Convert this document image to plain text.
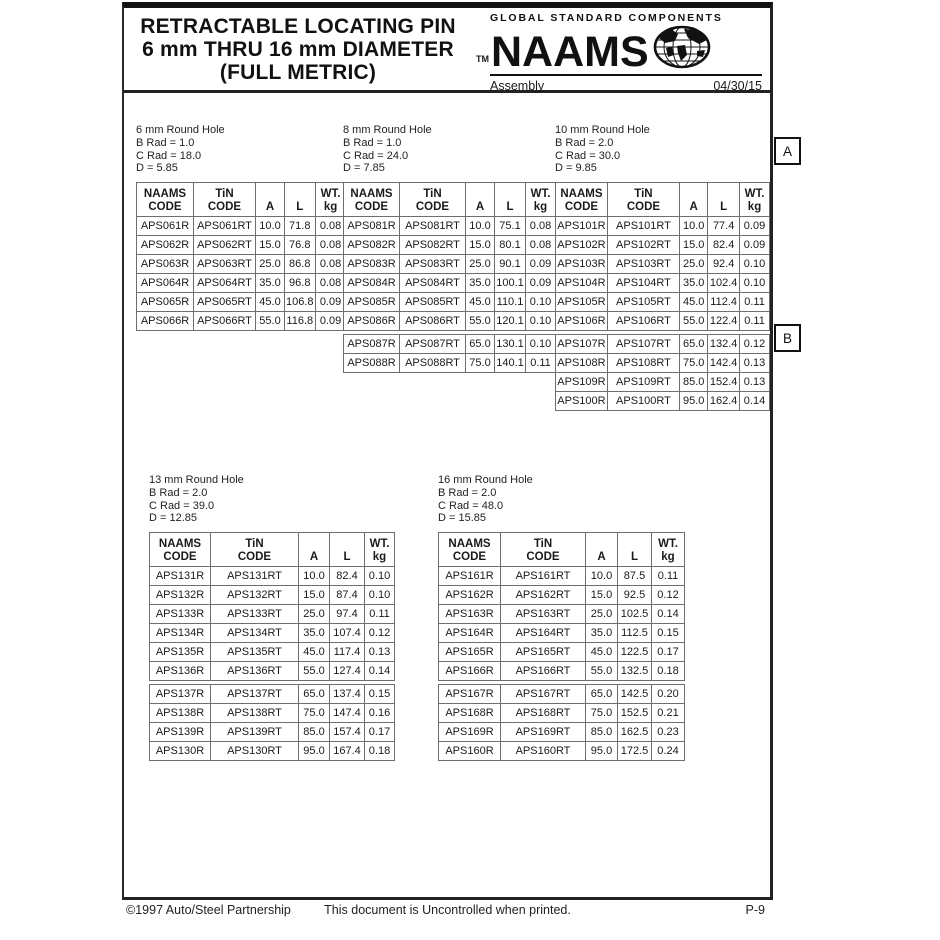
RETRACTABLE LOCATING PIN
6 mm THRU 16 mm DIAMETER
(FULL METRIC)
GLOBAL STANDARD COMPONENTS
TM NAAMS
Assembly	04/30/15
6 mm Round Hole
B Rad = 1.0
C Rad = 18.0
D = 5.85
NAAMS
CODE	TiN
CODE	A	L	WT.
kg
APS061R	APS061RT	10.0	71.8	0.08
APS062R	APS062RT	15.0	76.8	0.08
APS063R	APS063RT	25.0	86.8	0.08
APS064R	APS064RT	35.0	96.8	0.08
APS065R	APS065RT	45.0	106.8	0.09
APS066R	APS066RT	55.0	116.8	0.09
8 mm Round Hole
B Rad = 1.0
C Rad = 24.0
D = 7.85
NAAMS
CODE	TiN
CODE	A	L	WT.
kg
APS081R	APS081RT	10.0	75.1	0.08
APS082R	APS082RT	15.0	80.1	0.08
APS083R	APS083RT	25.0	90.1	0.09
APS084R	APS084RT	35.0	100.1	0.09
APS085R	APS085RT	45.0	110.1	0.10
APS086R	APS086RT	55.0	120.1	0.10
APS087R	APS087RT	65.0	130.1	0.10
APS088R	APS088RT	75.0	140.1	0.11
10 mm Round Hole
B Rad = 2.0
C Rad = 30.0
D = 9.85
NAAMS
CODE	TiN
CODE	A	L	WT.
kg
APS101R	APS101RT	10.0	77.4	0.09
APS102R	APS102RT	15.0	82.4	0.09
APS103R	APS103RT	25.0	92.4	0.10
APS104R	APS104RT	35.0	102.4	0.10
APS105R	APS105RT	45.0	112.4	0.11
APS106R	APS106RT	55.0	122.4	0.11
APS107R	APS107RT	65.0	132.4	0.12
APS108R	APS108RT	75.0	142.4	0.13
APS109R	APS109RT	85.0	152.4	0.13
APS100R	APS100RT	95.0	162.4	0.14
13 mm Round Hole
B Rad = 2.0
C Rad = 39.0
D = 12.85
NAAMS
CODE	TiN
CODE	A	L	WT.
kg
APS131R	APS131RT	10.0	82.4	0.10
APS132R	APS132RT	15.0	87.4	0.10
APS133R	APS133RT	25.0	97.4	0.11
APS134R	APS134RT	35.0	107.4	0.12
APS135R	APS135RT	45.0	117.4	0.13
APS136R	APS136RT	55.0	127.4	0.14
APS137R	APS137RT	65.0	137.4	0.15
APS138R	APS138RT	75.0	147.4	0.16
APS139R	APS139RT	85.0	157.4	0.17
APS130R	APS130RT	95.0	167.4	0.18
16 mm Round Hole
B Rad = 2.0
C Rad = 48.0
D = 15.85
NAAMS
CODE	TiN
CODE	A	L	WT.
kg
APS161R	APS161RT	10.0	87.5	0.11
APS162R	APS162RT	15.0	92.5	0.12
APS163R	APS163RT	25.0	102.5	0.14
APS164R	APS164RT	35.0	112.5	0.15
APS165R	APS165RT	45.0	122.5	0.17
APS166R	APS166RT	55.0	132.5	0.18
APS167R	APS167RT	65.0	142.5	0.20
APS168R	APS168RT	75.0	152.5	0.21
APS169R	APS169RT	85.0	162.5	0.23
APS160R	APS160RT	95.0	172.5	0.24
A
B
©1997 Auto/Steel Partnership	This document is Uncontrolled when printed.	P-9
